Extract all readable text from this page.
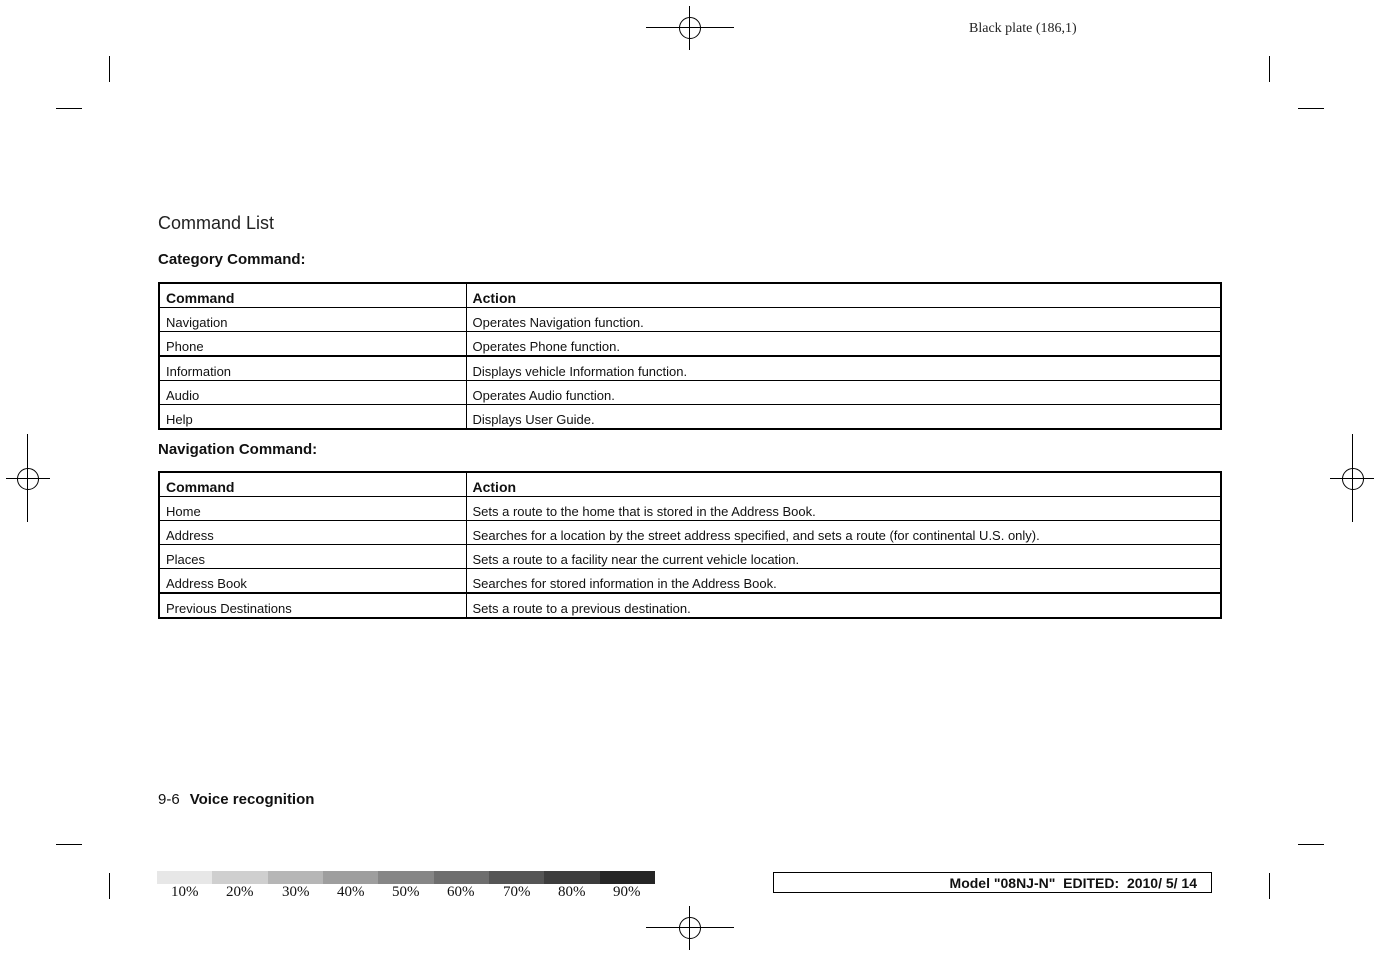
Black plate (186,1)
Command List
Category Command:
Command	Action
Navigation	Operates Navigation function.
Phone	Operates Phone function.
Information	Displays vehicle Information function.
Audio	Operates Audio function.
Help	Displays User Guide.
Navigation Command:
Command	Action
Home	Sets a route to the home that is stored in the Address Book.
Address	Searches for a location by the street address specified, and sets a route (for continental U.S. only).
Places	Sets a route to a facility near the current vehicle location.
Address Book	Searches for stored information in the Address Book.
Previous Destinations	Sets a route to a previous destination.
9-6 Voice recognition
10% 20% 30% 40% 50% 60% 70% 80% 90%
Model "08NJ-N"  EDITED:  2010/ 5/ 14
